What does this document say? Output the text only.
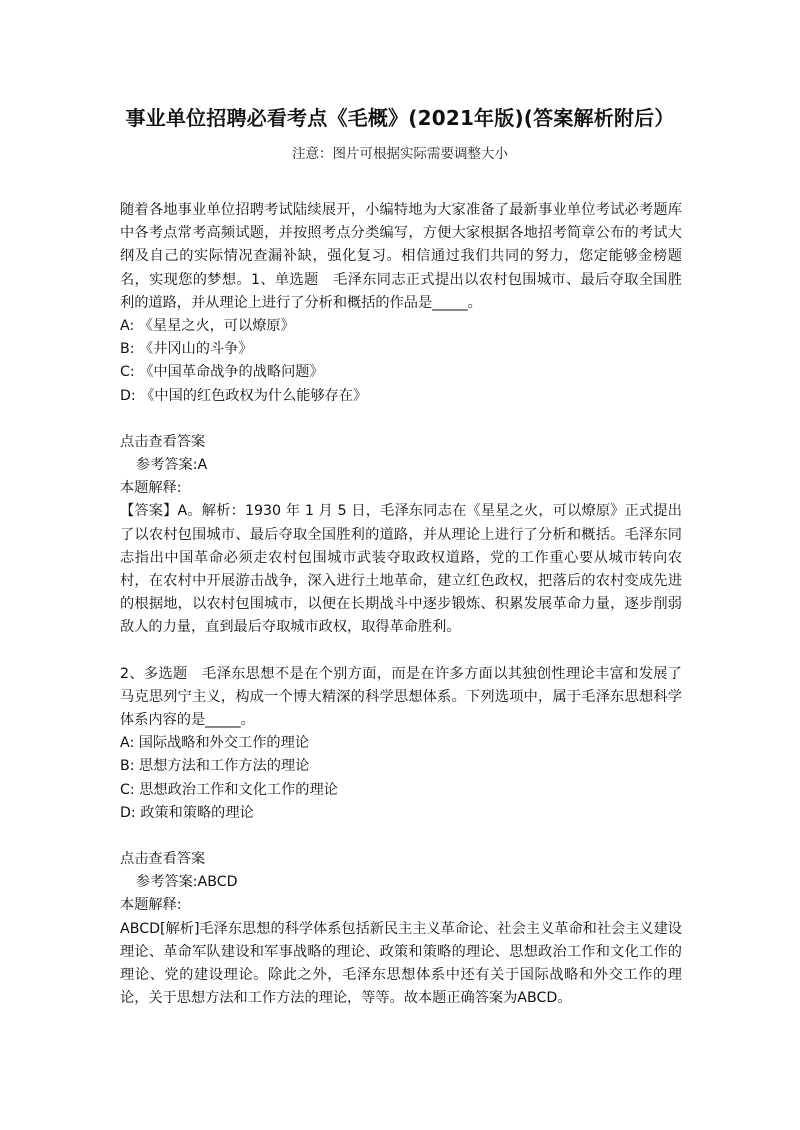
事业单位招聘必看考点《毛概》(2021年版)(答案解析附后）
注意：图片可根据实际需要调整大小

随着各地事业单位招聘考试陆续展开，小编特地为大家准备了最新事业单位考试必考题库中各考点常考高频试题，并按照考点分类编写，方便大家根据各地招考简章公布的考试大纲及自己的实际情况查漏补缺，强化复习。相信通过我们共同的努力，您定能够金榜题名，实现您的梦想。1、单选题　毛泽东同志正式提出以农村包围城市、最后夺取全国胜利的道路，并从理论上进行了分析和概括的作品是_____。

A: 《星星之火，可以燎原》

B: 《井冈山的斗争》

C: 《中国革命战争的战略问题》

D: 《中国的红色政权为什么能够存在》

点击查看答案

参考答案:A

本题解释:

【答案】A。解析：1930 年 1 月 5 日，毛泽东同志在《星星之火，可以燎原》正式提出了以农村包围城市、最后夺取全国胜利的道路，并从理论上进行了分析和概括。毛泽东同志指出中国革命必须走农村包围城市武装夺取政权道路，党的工作重心要从城市转向农村，在农村中开展游击战争，深入进行土地革命，建立红色政权，把落后的农村变成先进的根据地，以农村包围城市，以便在长期战斗中逐步锻炼、积累发展革命力量，逐步削弱敌人的力量，直到最后夺取城市政权，取得革命胜利。

2、多选题　毛泽东思想不是在个别方面，而是在许多方面以其独创性理论丰富和发展了马克思列宁主义，构成一个博大精深的科学思想体系。下列选项中，属于毛泽东思想科学体系内容的是_____。

A: 国际战略和外交工作的理论

B: 思想方法和工作方法的理论

C: 思想政治工作和文化工作的理论

D: 政策和策略的理论

点击查看答案

参考答案:ABCD

本题解释:

ABCD[解析]毛泽东思想的科学体系包括新民主主义革命论、社会主义革命和社会主义建设理论、革命军队建设和军事战略的理论、政策和策略的理论、思想政治工作和文化工作的理论、党的建设理论。除此之外，毛泽东思想体系中还有关于国际战略和外交工作的理论，关于思想方法和工作方法的理论，等等。故本题正确答案为ABCD。
